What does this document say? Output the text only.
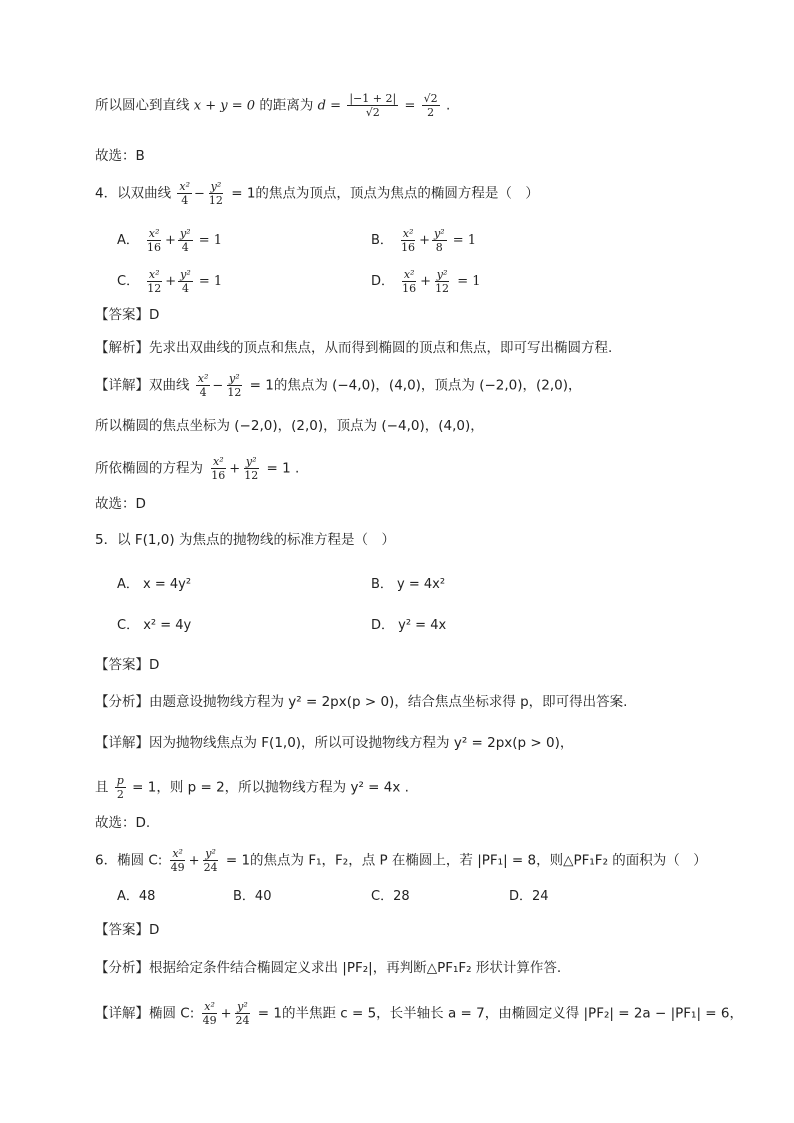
所以圆心到直线 x + y = 0 的距离为 $d = \frac{|-1 + 2|}{√2} = \frac{√2}{2}$ .
故选：B
4．以双曲线 $\frac{\text{x²}}{4} - \frac{\text{y²}}{12} = 1$的焦点为顶点，顶点为焦点的椭圆方程是（　）
A． $\frac{\text{x²}}{16} + \frac{\text{y²}}{4} = 1$	B． $\frac{\text{x²}}{16} + \frac{\text{y²}}{8} = 1$
C． $\frac{\text{x²}}{12} + \frac{\text{y²}}{4} = 1$	D． $\frac{\text{x²}}{16} + \frac{\text{y²}}{12} = 1$
【答案】D
【解析】先求出双曲线的顶点和焦点，从而得到椭圆的顶点和焦点，即可写出椭圆方程.
【详解】双曲线 $\frac{\text{x²}}{4} - \frac{\text{y²}}{12} = 1$的焦点为 (−4,0)，(4,0)，顶点为 (−2,0)，(2,0)，
所以椭圆的焦点坐标为 (−2,0)，(2,0)，顶点为 (−4,0)，(4,0)，
所依椭圆的方程为 $\frac{\text{x²}}{16} + \frac{\text{y²}}{12} = 1$ .
故选：D
5．以 F(1,0) 为焦点的抛物线的标准方程是（　）
A． x = 4y²	B． y = 4x²
C． x² = 4y	D． y² = 4x
【答案】D
【分析】由题意设抛物线方程为 y² = 2px(p > 0)，结合焦点坐标求得 p，即可得出答案.
【详解】因为抛物线焦点为 F(1,0)，所以可设抛物线方程为 y² = 2px(p > 0)，
且 $\frac{p}{2} = 1$，则 p = 2，所以抛物线方程为 y² = 4x .
故选：D.
6．椭圆 C: $\frac{\text{x²}}{49} + \frac{\text{y²}}{24} = 1$的焦点为 F₁，F₂，点 P 在椭圆上，若 |PF₁| = 8，则△PF₁F₂ 的面积为（　）
A．48	B．40	C．28	D．24
【答案】D
【分析】根据给定条件结合椭圆定义求出 |PF₂|，再判断△PF₁F₂ 形状计算作答.
【详解】椭圆 C: $\frac{\text{x²}}{49} + \frac{\text{y²}}{24} = 1$的半焦距 c = 5，长半轴长 a = 7，由椭圆定义得 |PF₂| = 2a − |PF₁| = 6，
